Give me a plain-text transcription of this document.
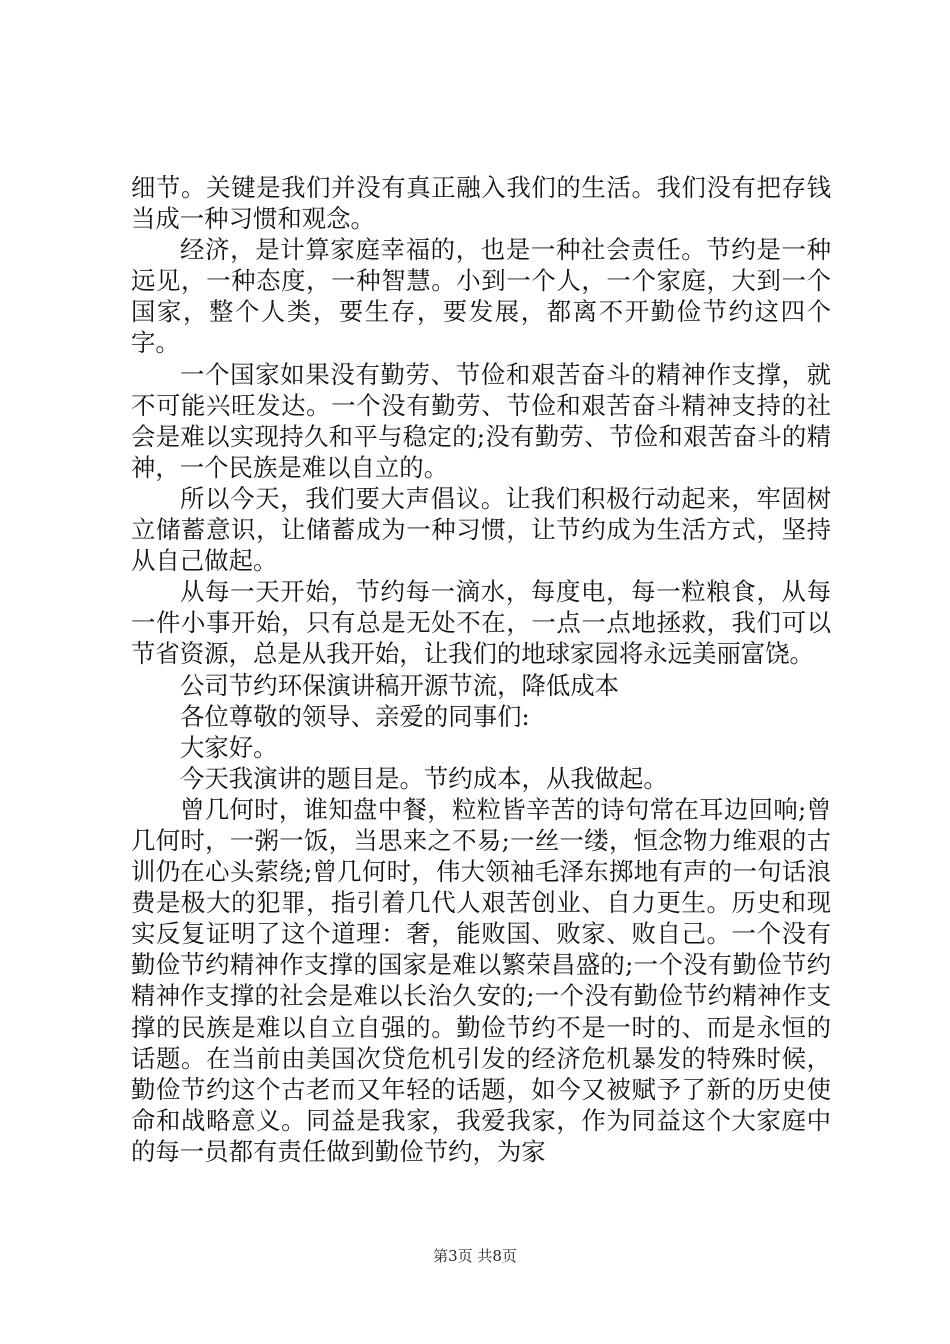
细节。关键是我们并没有真正融入我们的生活。我们没有把存钱当成一种习惯和观念。

经济，是计算家庭幸福的，也是一种社会责任。节约是一种远见，一种态度，一种智慧。小到一个人，一个家庭，大到一个国家，整个人类，要生存，要发展，都离不开勤俭节约这四个字。

一个国家如果没有勤劳、节俭和艰苦奋斗的精神作支撑，就不可能兴旺发达。一个没有勤劳、节俭和艰苦奋斗精神支持的社会是难以实现持久和平与稳定的;没有勤劳、节俭和艰苦奋斗的精神，一个民族是难以自立的。

所以今天，我们要大声倡议。让我们积极行动起来，牢固树立储蓄意识，让储蓄成为一种习惯，让节约成为生活方式，坚持从自己做起。

从每一天开始，节约每一滴水，每度电，每一粒粮食，从每一件小事开始，只有总是无处不在，一点一点地拯救，我们可以节省资源，总是从我开始，让我们的地球家园将永远美丽富饶。

公司节约环保演讲稿开源节流，降低成本

各位尊敬的领导、亲爱的同事们:

大家好。

今天我演讲的题目是。节约成本，从我做起。

曾几何时，谁知盘中餐，粒粒皆辛苦的诗句常在耳边回响;曾几何时，一粥一饭，当思来之不易;一丝一缕，恒念物力维艰的古训仍在心头萦绕;曾几何时，伟大领袖毛泽东掷地有声的一句话浪费是极大的犯罪，指引着几代人艰苦创业、自力更生。历史和现实反复证明了这个道理：奢，能败国、败家、败自己。一个没有勤俭节约精神作支撑的国家是难以繁荣昌盛的;一个没有勤俭节约精神作支撑的社会是难以长治久安的;一个没有勤俭节约精神作支撑的民族是难以自立自强的。勤俭节约不是一时的、而是永恒的话题。在当前由美国次贷危机引发的经济危机暴发的特殊时候，勤俭节约这个古老而又年轻的话题，如今又被赋予了新的历史使命和战略意义。同益是我家，我爱我家，作为同益这个大家庭中的每一员都有责任做到勤俭节约，为家

第3页 共8页
